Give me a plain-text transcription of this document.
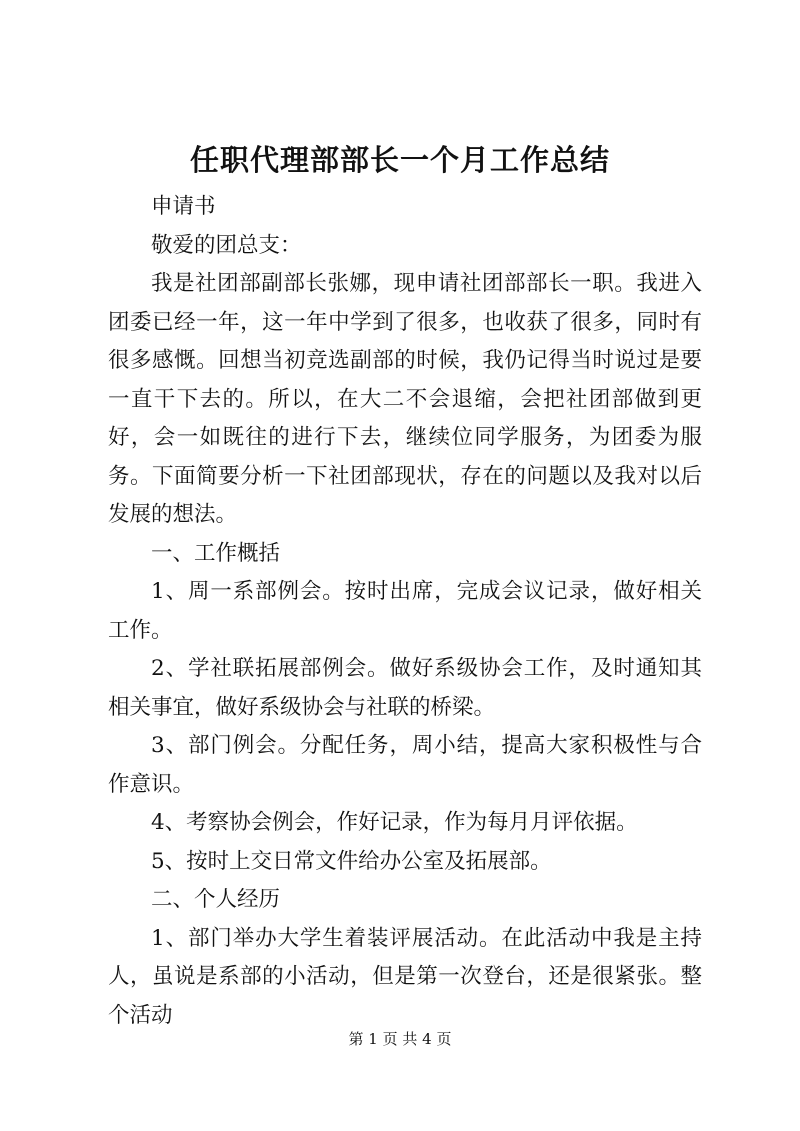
任职代理部部长一个月工作总结

申请书

敬爱的团总支：

我是社团部副部长张娜，现申请社团部部长一职。我进入团委已经一年，这一年中学到了很多，也收获了很多，同时有很多感慨。回想当初竞选副部的时候，我仍记得当时说过是要一直干下去的。所以，在大二不会退缩，会把社团部做到更好，会一如既往的进行下去，继续位同学服务，为团委为服务。下面简要分析一下社团部现状，存在的问题以及我对以后发展的想法。

一、工作概括

1、周一系部例会。按时出席，完成会议记录，做好相关工作。

2、学社联拓展部例会。做好系级协会工作，及时通知其相关事宜，做好系级协会与社联的桥梁。

3、部门例会。分配任务，周小结，提高大家积极性与合作意识。

4、考察协会例会，作好记录，作为每月月评依据。

5、按时上交日常文件给办公室及拓展部。

二、个人经历

1、部门举办大学生着装评展活动。在此活动中我是主持人，虽说是系部的小活动，但是第一次登台，还是很紧张。整个活动

第 1 页 共 4 页
